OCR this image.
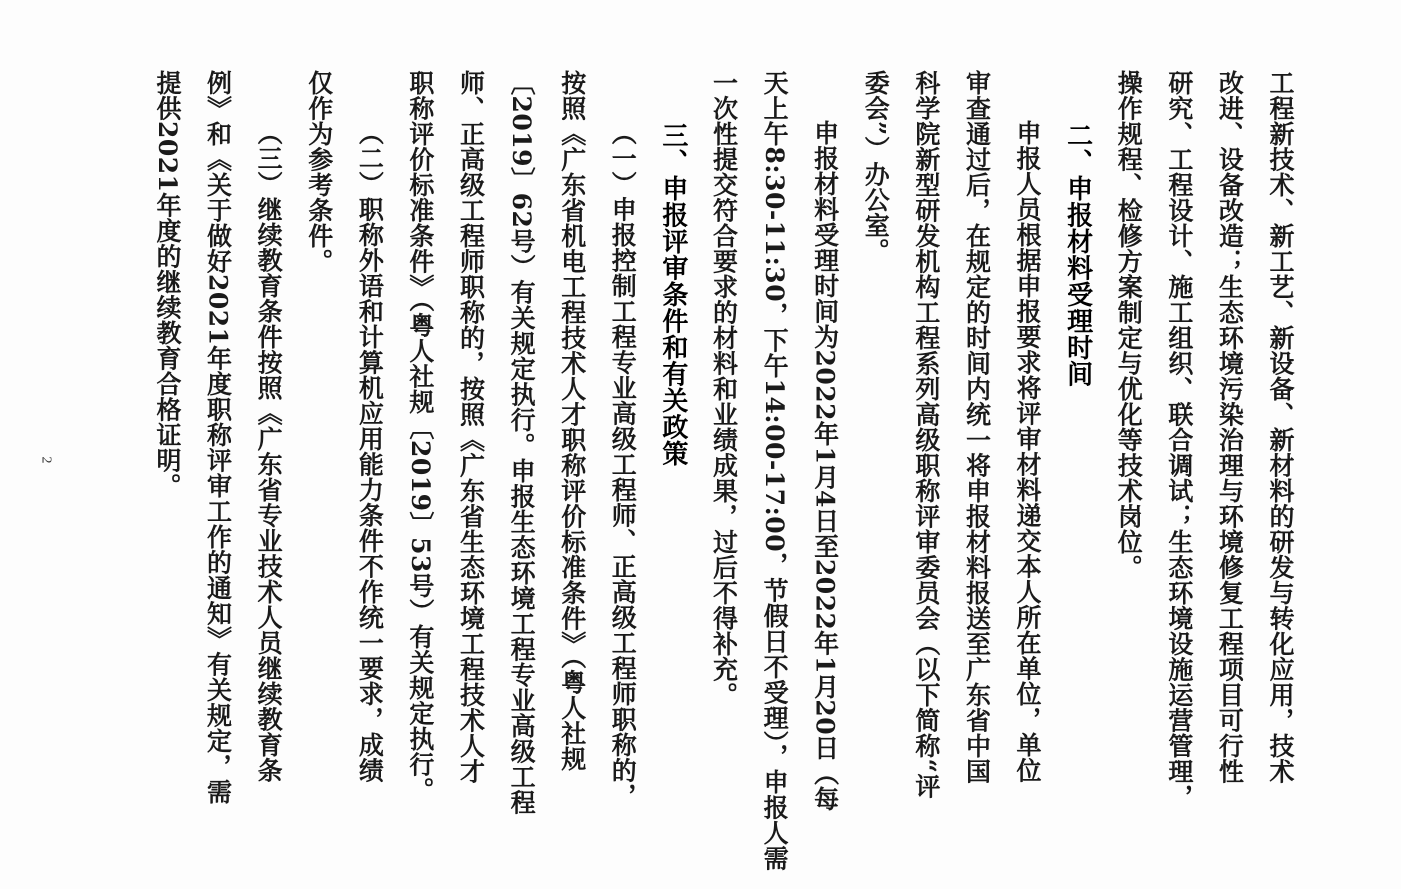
工程新技术、新工艺、新设备、新材料的研发与转化应用，技术
改进、设备改造；生态环境污染治理与环境修复工程项目可行性
研究、工程设计、施工组织、联合调试；生态环境设施运营管理，
操作规程、检修方案制定与优化等技术岗位。
二、申报材料受理时间
申报人员根据申报要求将评审材料递交本人所在单位，单位
审查通过后，在规定的时间内统一将申报材料报送至广东省中国
科学院新型研发机构工程系列高级职称评审委员会（以下简称“评
委会”）办公室。
申报材料受理时间为2022年1月4日至2022年1月20日（每
天上午8:30-11:30，下午14:00-17:00，节假日不受理），申报人需
一次性提交符合要求的材料和业绩成果，过后不得补充。
三、申报评审条件和有关政策
（一）申报控制工程专业高级工程师、正高级工程师职称的，
按照《广东省机电工程技术人才职称评价标准条件》（粤人社规
〔2019〕62号）有关规定执行。申报生态环境工程专业高级工程
师、正高级工程师职称的，按照《广东省生态环境工程技术人才
职称评价标准条件》（粤人社规〔2019〕53号）有关规定执行。
（二）职称外语和计算机应用能力条件不作统一要求，成绩
仅作为参考条件。
（三）继续教育条件按照《广东省专业技术人员继续教育条
例》和《关于做好2021年度职称评审工作的通知》有关规定，需
提供2021年度的继续教育合格证明。
2
